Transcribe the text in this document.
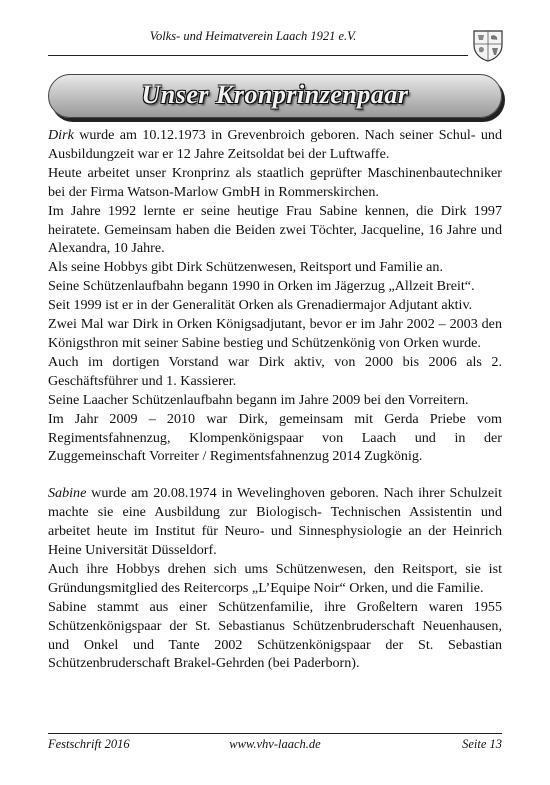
Volks- und Heimatverein Laach 1921 e.V.
Unser Kronprinzenpaar

Dirk wurde am 10.12.1973 in Grevenbroich geboren. Nach seiner Schul- und Ausbildungzeit war er 12 Jahre Zeitsoldat bei der Luftwaffe.

Heute arbeitet unser Kronprinz als staatlich geprüfter Maschinenbautechniker bei der Firma Watson-Marlow GmbH in Rommerskirchen.

Im Jahre 1992 lernte er seine heutige Frau Sabine kennen, die Dirk 1997 heiratete. Gemeinsam haben die Beiden zwei Töchter, Jacqueline, 16 Jahre und Alexandra, 10 Jahre.

Als seine Hobbys gibt Dirk Schützenwesen, Reitsport und Familie an.

Seine Schützenlaufbahn begann 1990 in Orken im Jägerzug „Allzeit Breit“.

Seit 1999 ist er in der Generalität Orken als Grenadiermajor Adjutant aktiv.

Zwei Mal war Dirk in Orken Königsadjutant, bevor er im Jahr 2002 – 2003 den Königsthron mit seiner Sabine bestieg und Schützenkönig von Orken wurde.

Auch im dortigen Vorstand war Dirk aktiv, von 2000 bis 2006 als 2. Geschäftsführer und 1. Kassierer.

Seine Laacher Schützenlaufbahn begann im Jahre 2009 bei den Vorreitern.

Im Jahr 2009 – 2010 war Dirk, gemeinsam mit Gerda Priebe vom Regimentsfahnenzug, Klompenkönigspaar von Laach und in der Zuggemeinschaft Vorreiter / Regimentsfahnenzug 2014 Zugkönig.

Sabine wurde am 20.08.1974 in Wevelinghoven geboren. Nach ihrer Schulzeit machte sie eine Ausbildung zur Biologisch- Technischen Assistentin und arbeitet heute im Institut für Neuro- und Sinnesphysiologie an der Heinrich Heine Universität Düsseldorf.

Auch ihre Hobbys drehen sich ums Schützenwesen, den Reitsport, sie ist Gründungsmitglied des Reitercorps „L’Equipe Noir“ Orken, und die Familie.

Sabine stammt aus einer Schützenfamilie, ihre Großeltern waren 1955 Schützenkönigspaar der St. Sebastianus Schützenbruderschaft Neuenhausen, und Onkel und Tante 2002 Schützenkönigspaar der St. Sebastian Schützenbruderschaft Brakel-Gehrden (bei Paderborn).

Festschrift 2016	www.vhv-laach.de	Seite 13
